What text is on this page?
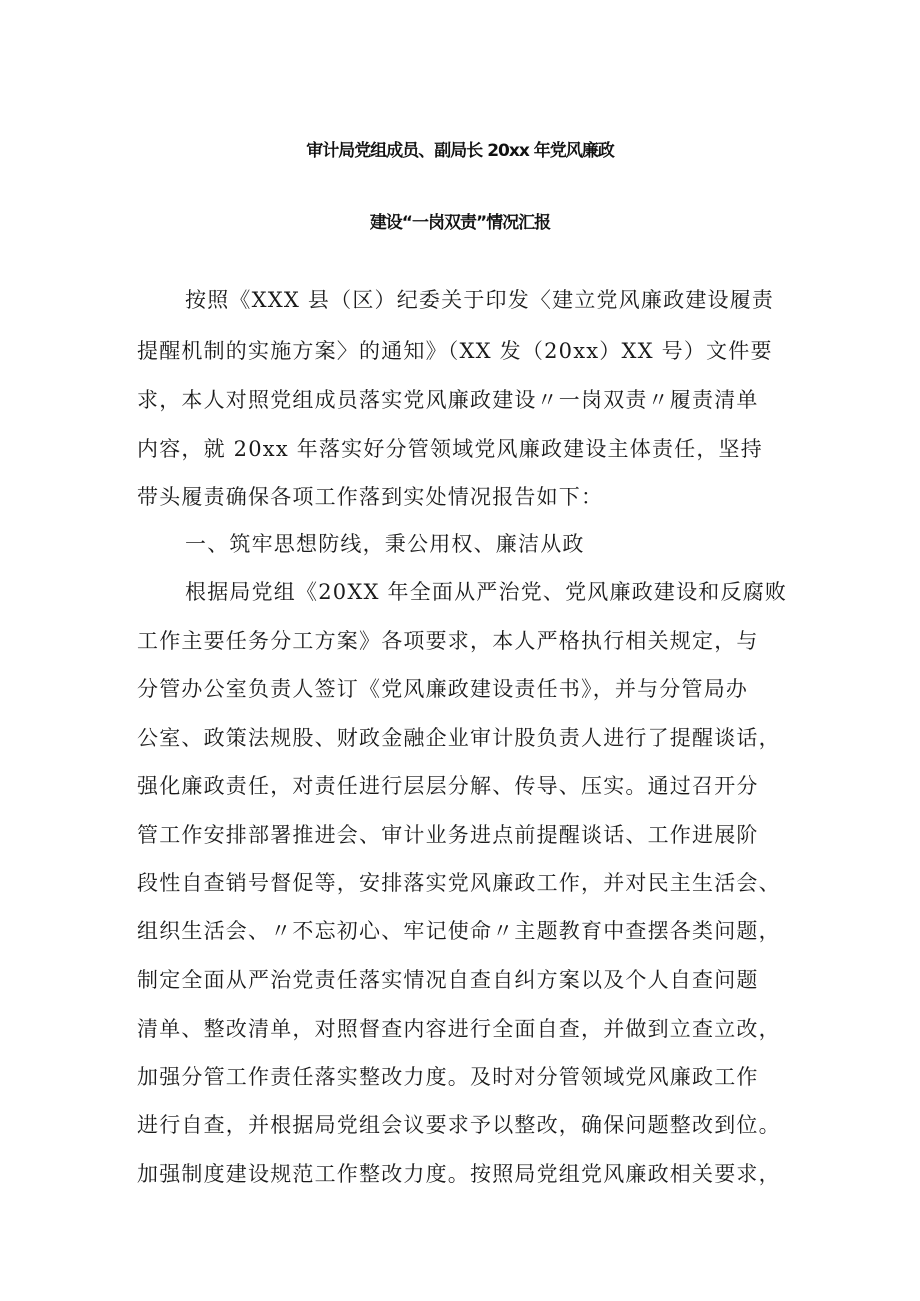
审计局党组成员、副局长 20xx 年党风廉政
建设“一岗双责”情况汇报
按照《XXX 县（区）纪委关于印发〈建立党风廉政建设履责
提醒机制的实施方案〉的通知》（XX 发（20xx）XX 号）文件要
求，本人对照党组成员落实党风廉政建设〃一岗双责〃履责清单
内容，就 20xx 年落实好分管领域党风廉政建设主体责任，坚持
带头履责确保各项工作落到实处情况报告如下：
一、筑牢思想防线，秉公用权、廉洁从政
根据局党组《20XX 年全面从严治党、党风廉政建设和反腐败
工作主要任务分工方案》各项要求，本人严格执行相关规定，与
分管办公室负责人签订《党风廉政建设责任书》，并与分管局办
公室、政策法规股、财政金融企业审计股负责人进行了提醒谈话，
强化廉政责任，对责任进行层层分解、传导、压实。通过召开分
管工作安排部署推进会、审计业务进点前提醒谈话、工作进展阶
段性自查销号督促等，安排落实党风廉政工作，并对民主生活会、
组织生活会、〃不忘初心、牢记使命〃主题教育中查摆各类问题，
制定全面从严治党责任落实情况自查自纠方案以及个人自查问题
清单、整改清单，对照督查内容进行全面自查，并做到立查立改，
加强分管工作责任落实整改力度。及时对分管领域党风廉政工作
进行自查，并根据局党组会议要求予以整改，确保问题整改到位。
加强制度建设规范工作整改力度。按照局党组党风廉政相关要求，
